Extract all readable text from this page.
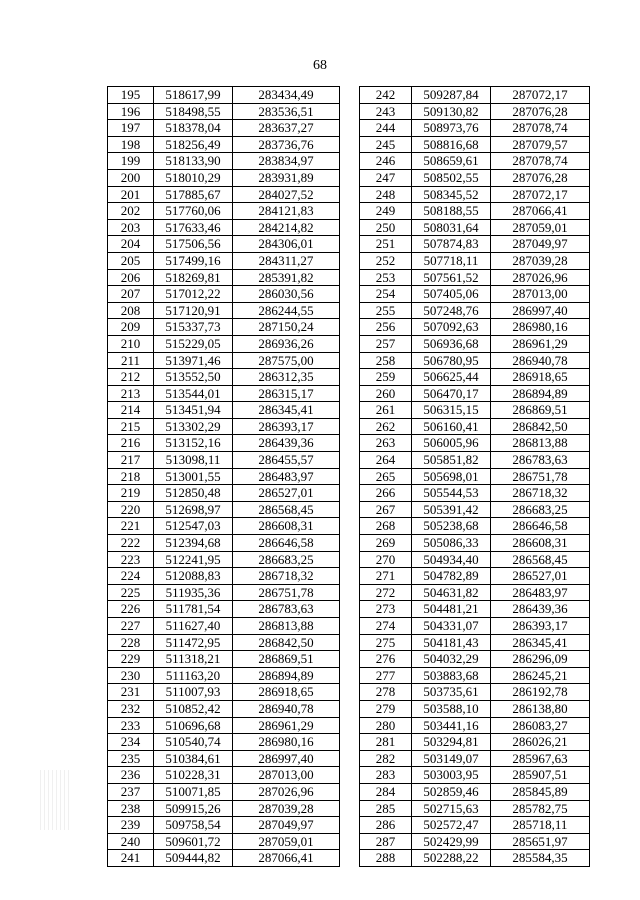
68
195	518617,99	283434,49
196	518498,55	283536,51
197	518378,04	283637,27
198	518256,49	283736,76
199	518133,90	283834,97
200	518010,29	283931,89
201	517885,67	284027,52
202	517760,06	284121,83
203	517633,46	284214,82
204	517506,56	284306,01
205	517499,16	284311,27
206	518269,81	285391,82
207	517012,22	286030,56
208	517120,91	286244,55
209	515337,73	287150,24
210	515229,05	286936,26
211	513971,46	287575,00
212	513552,50	286312,35
213	513544,01	286315,17
214	513451,94	286345,41
215	513302,29	286393,17
216	513152,16	286439,36
217	513098,11	286455,57
218	513001,55	286483,97
219	512850,48	286527,01
220	512698,97	286568,45
221	512547,03	286608,31
222	512394,68	286646,58
223	512241,95	286683,25
224	512088,83	286718,32
225	511935,36	286751,78
226	511781,54	286783,63
227	511627,40	286813,88
228	511472,95	286842,50
229	511318,21	286869,51
230	511163,20	286894,89
231	511007,93	286918,65
232	510852,42	286940,78
233	510696,68	286961,29
234	510540,74	286980,16
235	510384,61	286997,40
236	510228,31	287013,00
237	510071,85	287026,96
238	509915,26	287039,28
239	509758,54	287049,97
240	509601,72	287059,01
241	509444,82	287066,41
242	509287,84	287072,17
243	509130,82	287076,28
244	508973,76	287078,74
245	508816,68	287079,57
246	508659,61	287078,74
247	508502,55	287076,28
248	508345,52	287072,17
249	508188,55	287066,41
250	508031,64	287059,01
251	507874,83	287049,97
252	507718,11	287039,28
253	507561,52	287026,96
254	507405,06	287013,00
255	507248,76	286997,40
256	507092,63	286980,16
257	506936,68	286961,29
258	506780,95	286940,78
259	506625,44	286918,65
260	506470,17	286894,89
261	506315,15	286869,51
262	506160,41	286842,50
263	506005,96	286813,88
264	505851,82	286783,63
265	505698,01	286751,78
266	505544,53	286718,32
267	505391,42	286683,25
268	505238,68	286646,58
269	505086,33	286608,31
270	504934,40	286568,45
271	504782,89	286527,01
272	504631,82	286483,97
273	504481,21	286439,36
274	504331,07	286393,17
275	504181,43	286345,41
276	504032,29	286296,09
277	503883,68	286245,21
278	503735,61	286192,78
279	503588,10	286138,80
280	503441,16	286083,27
281	503294,81	286026,21
282	503149,07	285967,63
283	503003,95	285907,51
284	502859,46	285845,89
285	502715,63	285782,75
286	502572,47	285718,11
287	502429,99	285651,97
288	502288,22	285584,35
